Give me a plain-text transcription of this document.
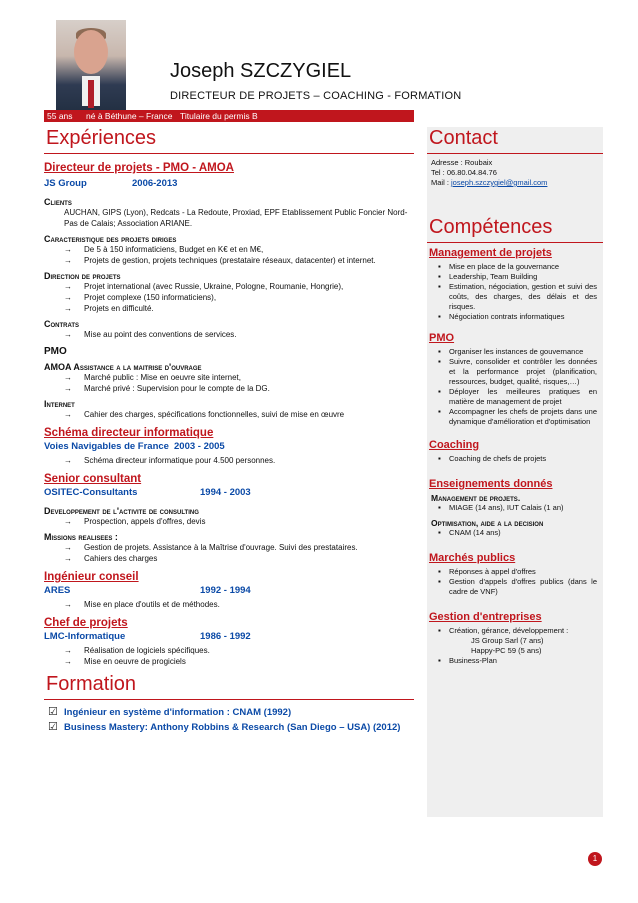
Joseph SZCZYGIEL
DIRECTEUR DE PROJETS – COACHING - FORMATION
55 ans né à Béthune – France Titulaire du permis B
Expériences
Directeur de projets - PMO - AMOA
JS Group	2006-2013
Clients
AUCHAN, GIPS (Lyon), Redcats - La Redoute, Proxiad, EPF Etablissement Public Foncier Nord-Pas de Calais; Association ARIANE.
Caracteristique des projets diriges
→ De 5 à 150 informaticiens, Budget en K€ et en M€,
→ Projets de gestion, projets techniques (prestataire réseaux, datacenter) et internet.
Direction de projets
→ Projet international (avec Russie, Ukraine, Pologne, Roumanie, Hongrie),
→ Projet complexe (150 informaticiens),
→ Projets en difficulté.
Contrats
→ Mise au point des conventions de services.
PMO
AMOA Assistance a la maitrise d'ouvrage
→ Marché public : Mise en oeuvre site internet,
→ Marché privé : Supervision pour le compte de la DG.
Internet
→ Cahier des charges, spécifications fonctionnelles, suivi de mise en œuvre
Schéma directeur informatique
Voies Navigables de France 2003 - 2005
→ Schéma directeur informatique pour 4.500 personnes.
Senior consultant
OSITEC-Consultants	1994 - 2003
Developpement de l'activite de consulting
→ Prospection, appels d'offres, devis
Missions realisees :
→ Gestion de projets. Assistance à la Maîtrise d'ouvrage. Suivi des prestataires.
→ Cahiers des charges
Ingénieur conseil
ARES	1992 - 1994
→ Mise en place d'outils et de méthodes.
Chef de projets
LMC-Informatique	1986 - 1992
→ Réalisation de logiciels spécifiques.
→ Mise en oeuvre de progiciels
Formation
☑ Ingénieur en système d'information : CNAM (1992)
☑ Business Mastery: Anthony Robbins & Research (San Diego – USA) (2012)
Contact
Adresse : Roubaix
Tel : 06.80.04.84.76
Mail : joseph.szczygiel@gmail.com
Compétences
Management de projets
▪ Mise en place de la gouvernance
▪ Leadership, Team Building
▪ Estimation, négociation, gestion et suivi des coûts, des charges, des délais et des risques.
▪ Négociation contrats informatiques
PMO
▪ Organiser les instances de gouvernance
▪ Suivre, consolider et contrôler les données et la performance projet (planification, ressources, budget, qualité, risques,…)
▪ Déployer les meilleures pratiques en matière de management de projet
▪ Accompagner les chefs de projets dans une dynamique d'amélioration et d'optimisation
Coaching
▪ Coaching de chefs de projets
Enseignements donnés
Management de projets.
▪ MIAGE (14 ans), IUT Calais (1 an)
Optimisation, aide a la decision
▪ CNAM (14 ans)
Marchés publics
▪ Réponses à appel d'offres
▪ Gestion d'appels d'offres publics (dans le cadre de VNF)
Gestion d'entreprises
▪ Création, gérance, développement :
JS Group Sarl (7 ans)
Happy-PC 59 (5 ans)
▪ Business-Plan
1
